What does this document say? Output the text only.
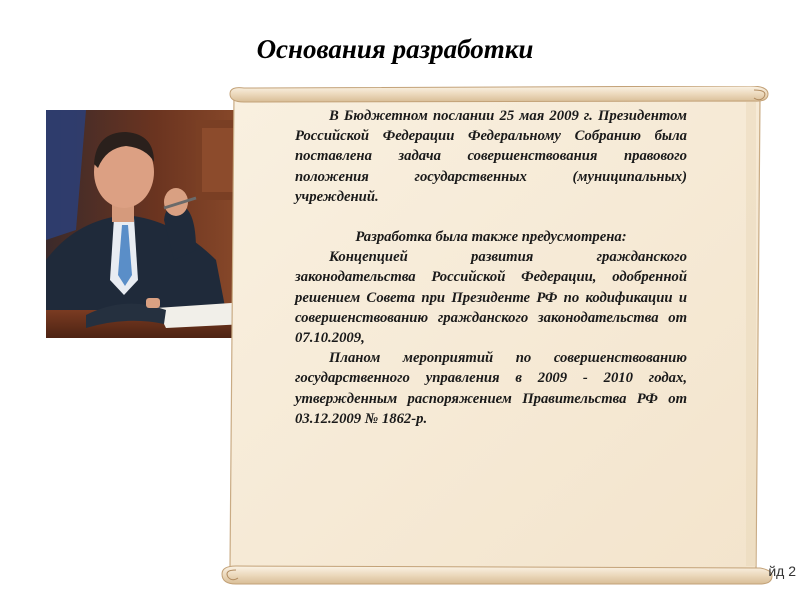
Основания разработки

В Бюджетном послании 25 мая 2009 г. Президентом Российской Федерации Федеральному Собранию была поставлена задача совершенствования правового положения государственных (муниципальных) учреждений.

Разработка была также предусмотрена:

Концепцией развития гражданского законодательства Российской Федерации, одобренной решением Совета при Президенте РФ по кодификации и совершенствованию гражданского законодательства от 07.10.2009,

Планом мероприятий по совершенствованию государственного управления в 2009 - 2010 годах, утвержденным распоряжением Правительства РФ от 03.12.2009 № 1862-р.

йд 2
